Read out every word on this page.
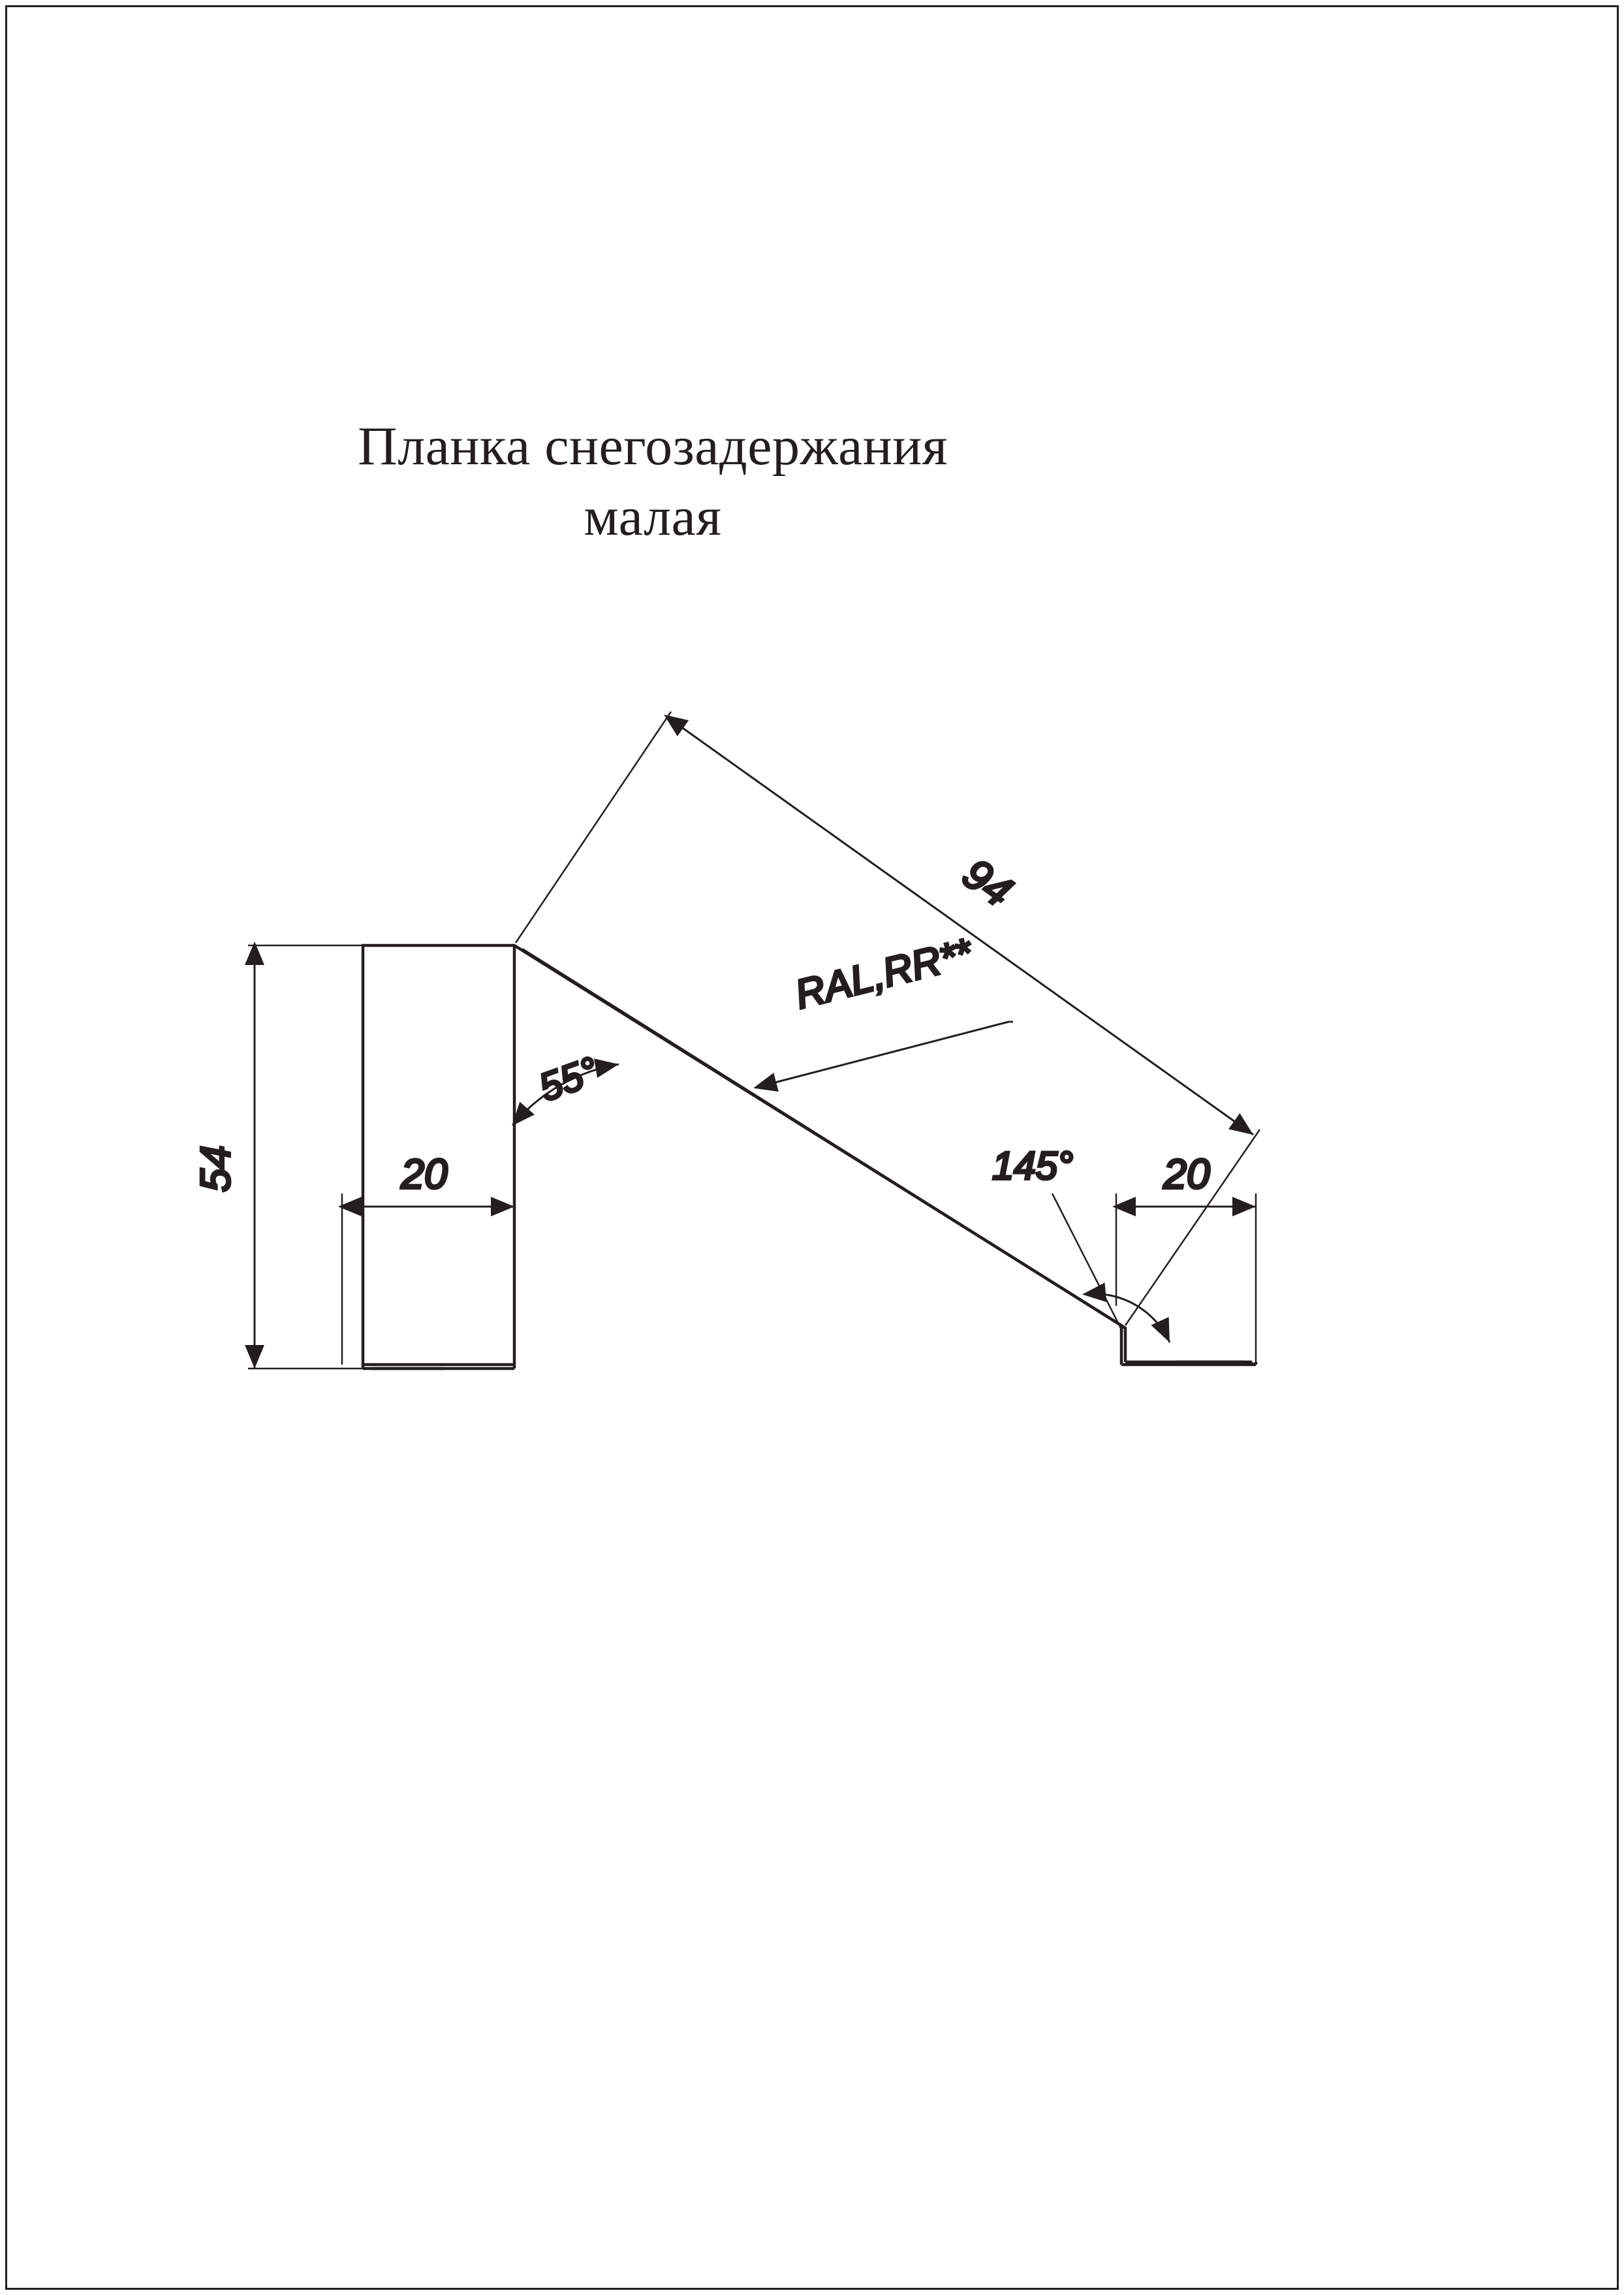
Планка снегозадержания
малая
54	20
94
20
55°
145°
RAL,RR**
